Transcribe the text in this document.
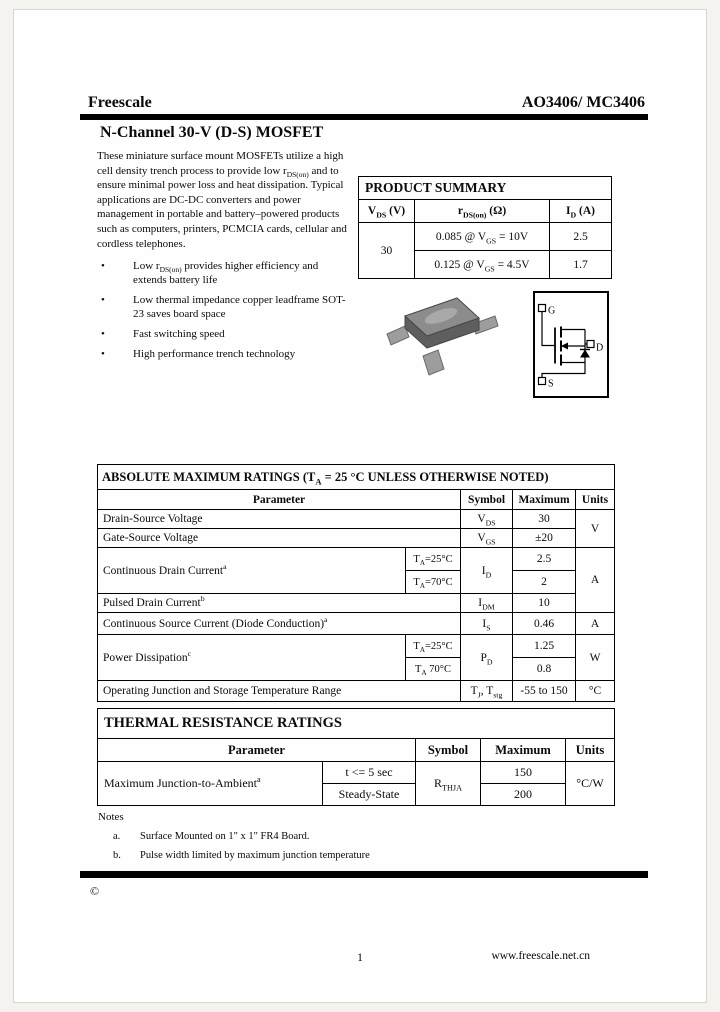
Freescale	AO3406/ MC3406
N-Channel 30-V (D-S) MOSFET

These miniature surface mount MOSFETs utilize a high cell density trench process to provide low $r_{DS(on)}$ and to ensure minimal power loss and heat dissipation. Typical applications are DC-DC converters and power management in portable and battery–powered products such as computers, printers, PCMCIA cards, cellular and cordless telephones.

•	Low $r_{DS(on)}$ provides higher efficiency and extends battery life
•	Low thermal impedance copper leadframe SOT-23 saves board space
•	Fast switching speed
•	High performance trench technology
PRODUCT SUMMARY		
$V_{DS}$ (V)	$r_{DS(on)}$ (Ω)	$I_D$ (A)
30	0.085 @ $V_{GS} = 10V$	2.5
	0.125 @ $V_{GS} = 4.5V$	1.7
G
S
D
ABSOLUTE MAXIMUM RATINGS ($T_A = 25$ °C UNLESS OTHERWISE NOTED)				
Parameter		Symbol	Maximum	Units
Drain-Source Voltage		$V_{DS}$	30	V
Gate-Source Voltage		$V_{GS}$	±20	
Continuous Drain Current$^a$	$T_A=25^\circ C$	$I_D$	2.5	A
	$T_A=70^\circ C$		2	
Pulsed Drain Current$^b$		$I_{DM}$	10	
Continuous Source Current (Diode Conduction)$^a$		$I_S$	0.46	A
Power Dissipation$^c$	$T_A=25^\circ C$	$P_D$	1.25	W
	$T_A$ 70°C		0.8	
Operating Junction and Storage Temperature Range		$T_J$, $T_{stg}$	-55 to 150	°C
THERMAL RESISTANCE RATINGS				
Parameter		Symbol	Maximum	Units
Maximum Junction-to-Ambient$^a$	t <= 5 sec	$R_{THJA}$	150	°C/W
	Steady-State		200	
Notes
a.	Surface Mounted on 1" x 1" FR4 Board.
b.	Pulse width limited by maximum junction temperature
©
1	www.freescale.net.cn
